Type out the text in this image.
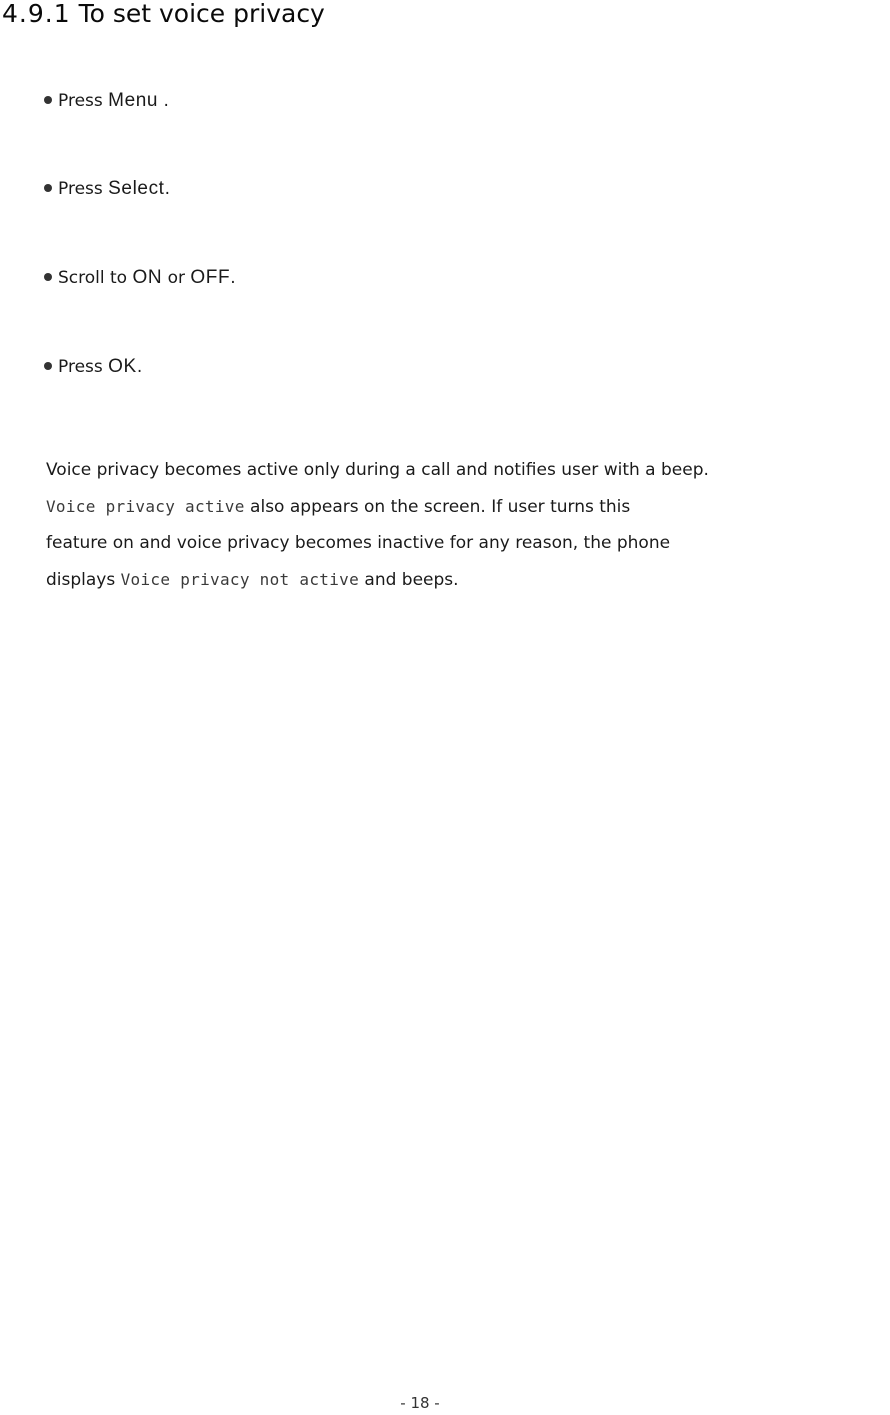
4.9.1 To set voice privacy

Press Menu .

Press Select.

Scroll to ON or OFF.

Press OK.

Voice privacy becomes active only during a call and notifies user with a beep.
Voice privacy active also appears on the screen. If user turns this
feature on and voice privacy becomes inactive for any reason, the phone
displays Voice privacy not active and beeps.

- 18 -
